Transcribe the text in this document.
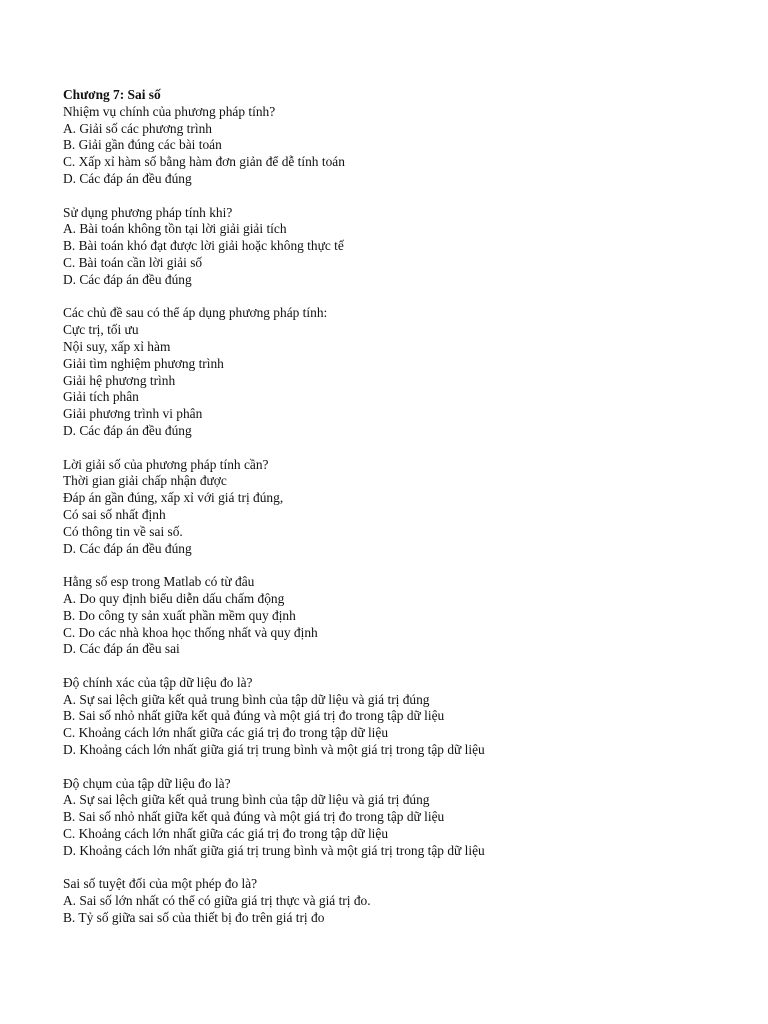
Chương 7: Sai số

Nhiệm vụ chính của phương pháp tính?

A. Giải số các phương trình

B. Giải gần đúng các bài toán

C. Xấp xỉ hàm số bằng hàm đơn giản để dễ tính toán

D. Các đáp án đều đúng

Sử dụng phương pháp tính khi?

A. Bài toán không tồn tại lời giải giải tích

B. Bài toán khó đạt được lời giải hoặc không thực tế

C. Bài toán cần lời giải số

D. Các đáp án đều đúng

Các chủ đề sau có thể áp dụng phương pháp tính:

Cực trị, tối ưu

Nội suy, xấp xỉ hàm

Giải tìm nghiệm phương trình

Giải hệ phương trình

Giải tích phân

Giải phương trình vi phân

D. Các đáp án đều đúng

Lời giải số của phương pháp tính cần?

Thời gian giải chấp nhận được

Đáp án gần đúng, xấp xỉ với giá trị đúng,

Có sai số nhất định

Có thông tin về sai số.

D. Các đáp án đều đúng

Hằng số esp trong Matlab có từ đâu

A. Do quy định biểu diễn dấu chấm động

B. Do công ty sản xuất phần mềm quy định

C. Do các nhà khoa học thống nhất và quy định

D. Các đáp án đều sai

Độ chính xác của tập dữ liệu đo là?

A. Sự sai lệch giữa kết quả trung bình của tập dữ liệu và giá trị đúng

B. Sai số nhỏ nhất giữa kết quả đúng và một giá trị đo trong tập dữ liệu

C. Khoảng cách lớn nhất giữa các giá trị đo trong tập dữ liệu

D. Khoảng cách lớn nhất giữa giá trị trung bình và một giá trị trong tập dữ liệu

Độ chụm của tập dữ liệu đo là?

A. Sự sai lệch giữa kết quả trung bình của tập dữ liệu và giá trị đúng

B. Sai số nhỏ nhất giữa kết quả đúng và một giá trị đo trong tập dữ liệu

C. Khoảng cách lớn nhất giữa các giá trị đo trong tập dữ liệu

D. Khoảng cách lớn nhất giữa giá trị trung bình và một giá trị trong tập dữ liệu

Sai số tuyệt đối của một phép đo là?

A. Sai số lớn nhất có thể có giữa giá trị thực và giá trị đo.

B. Tỷ số giữa sai số của thiết bị đo trên giá trị đo
